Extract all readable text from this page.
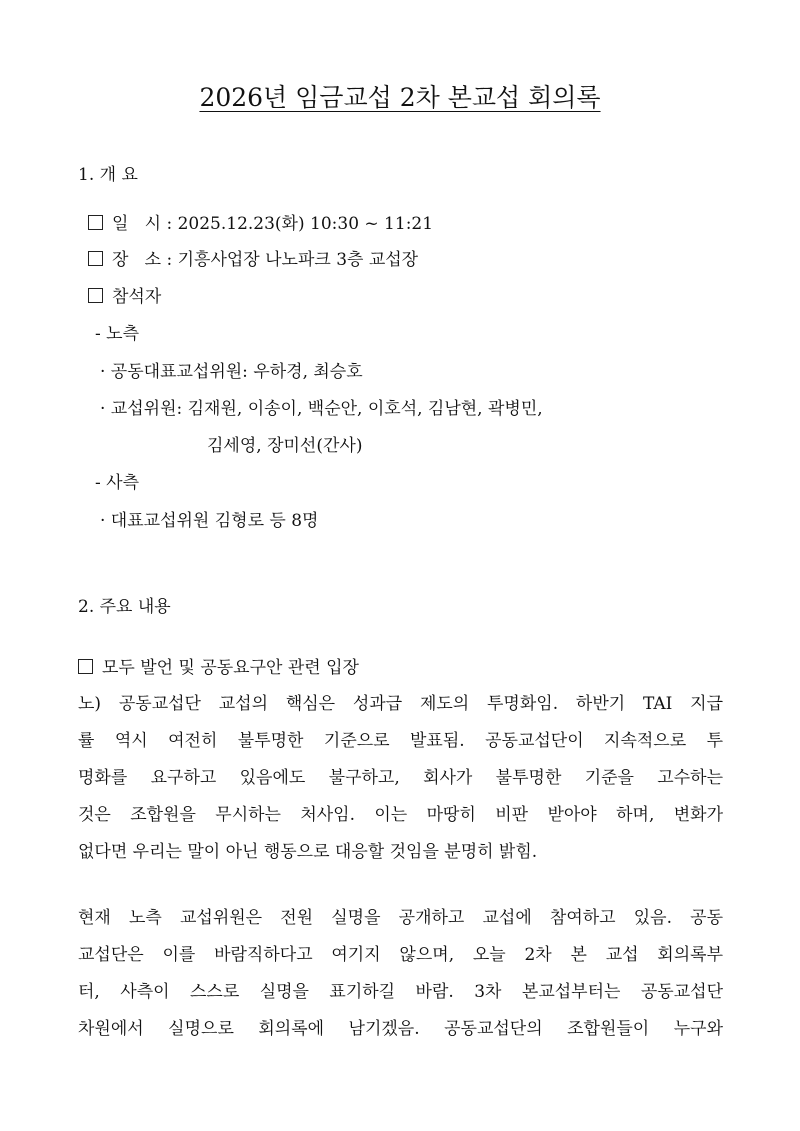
2026년 임금교섭 2차 본교섭 회의록
1. 개 요
일   시 : 2025.12.23(화) 10:30 ~ 11:21
장   소 : 기흥사업장 나노파크 3층 교섭장
참석자
- 노측
· 공동대표교섭위원: 우하경, 최승호
· 교섭위원: 김재원, 이송이, 백순안, 이호석, 김남현, 곽병민,
김세영, 장미선(간사)
- 사측
· 대표교섭위원 김형로 등 8명
2. 주요 내용
모두 발언 및 공동요구안 관련 입장
노) 공동교섭단 교섭의 핵심은 성과급 제도의 투명화임. 하반기 TAI 지급
률 역시 여전히 불투명한 기준으로 발표됨. 공동교섭단이 지속적으로 투
명화를 요구하고 있음에도 불구하고, 회사가 불투명한 기준을 고수하는
것은 조합원을 무시하는 처사임. 이는 마땅히 비판 받아야 하며, 변화가
없다면 우리는 말이 아닌 행동으로 대응할 것임을 분명히 밝힘.
현재 노측 교섭위원은 전원 실명을 공개하고 교섭에 참여하고 있음. 공동
교섭단은 이를 바람직하다고 여기지 않으며, 오늘 2차 본 교섭 회의록부
터, 사측이 스스로 실명을 표기하길 바람. 3차 본교섭부터는 공동교섭단
차원에서 실명으로 회의록에 남기겠음. 공동교섭단의 조합원들이 누구와
